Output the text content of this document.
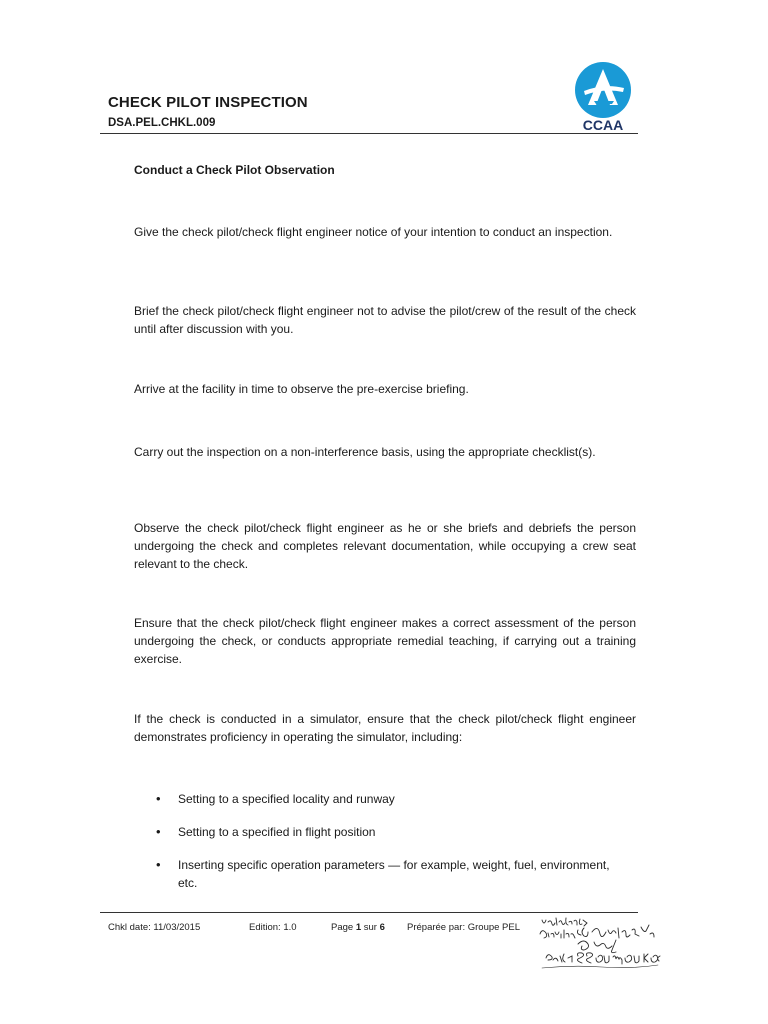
CHECK PILOT INSPECTION
DSA.PEL.CHKL.009	CCAA
Conduct a Check Pilot Observation

Give the check pilot/check flight engineer notice of your intention to conduct an inspection.

Brief the check pilot/check flight engineer not to advise the pilot/crew of the result of the check until after discussion with you.

Arrive at the facility in time to observe the pre-exercise briefing.

Carry out the inspection on a non-interference basis, using the appropriate checklist(s).

Observe the check pilot/check flight engineer as he or she briefs and debriefs the person undergoing the check and completes relevant documentation, while occupying a crew seat relevant to the check.

Ensure that the check pilot/check flight engineer makes a correct assessment of the person undergoing the check, or conducts appropriate remedial teaching, if carrying out a training exercise.

If the check is conducted in a simulator, ensure that the check pilot/check flight engineer demonstrates proficiency in operating the simulator, including:

•	Setting to a specified locality and runway
•	Setting to a specified in flight position
•	Inserting specific operation parameters — for example, weight, fuel, environment, etc.
Chkl date: 11/03/2015	Edition: 1.0	Page 1 sur 6 Préparée par: Groupe PEL
